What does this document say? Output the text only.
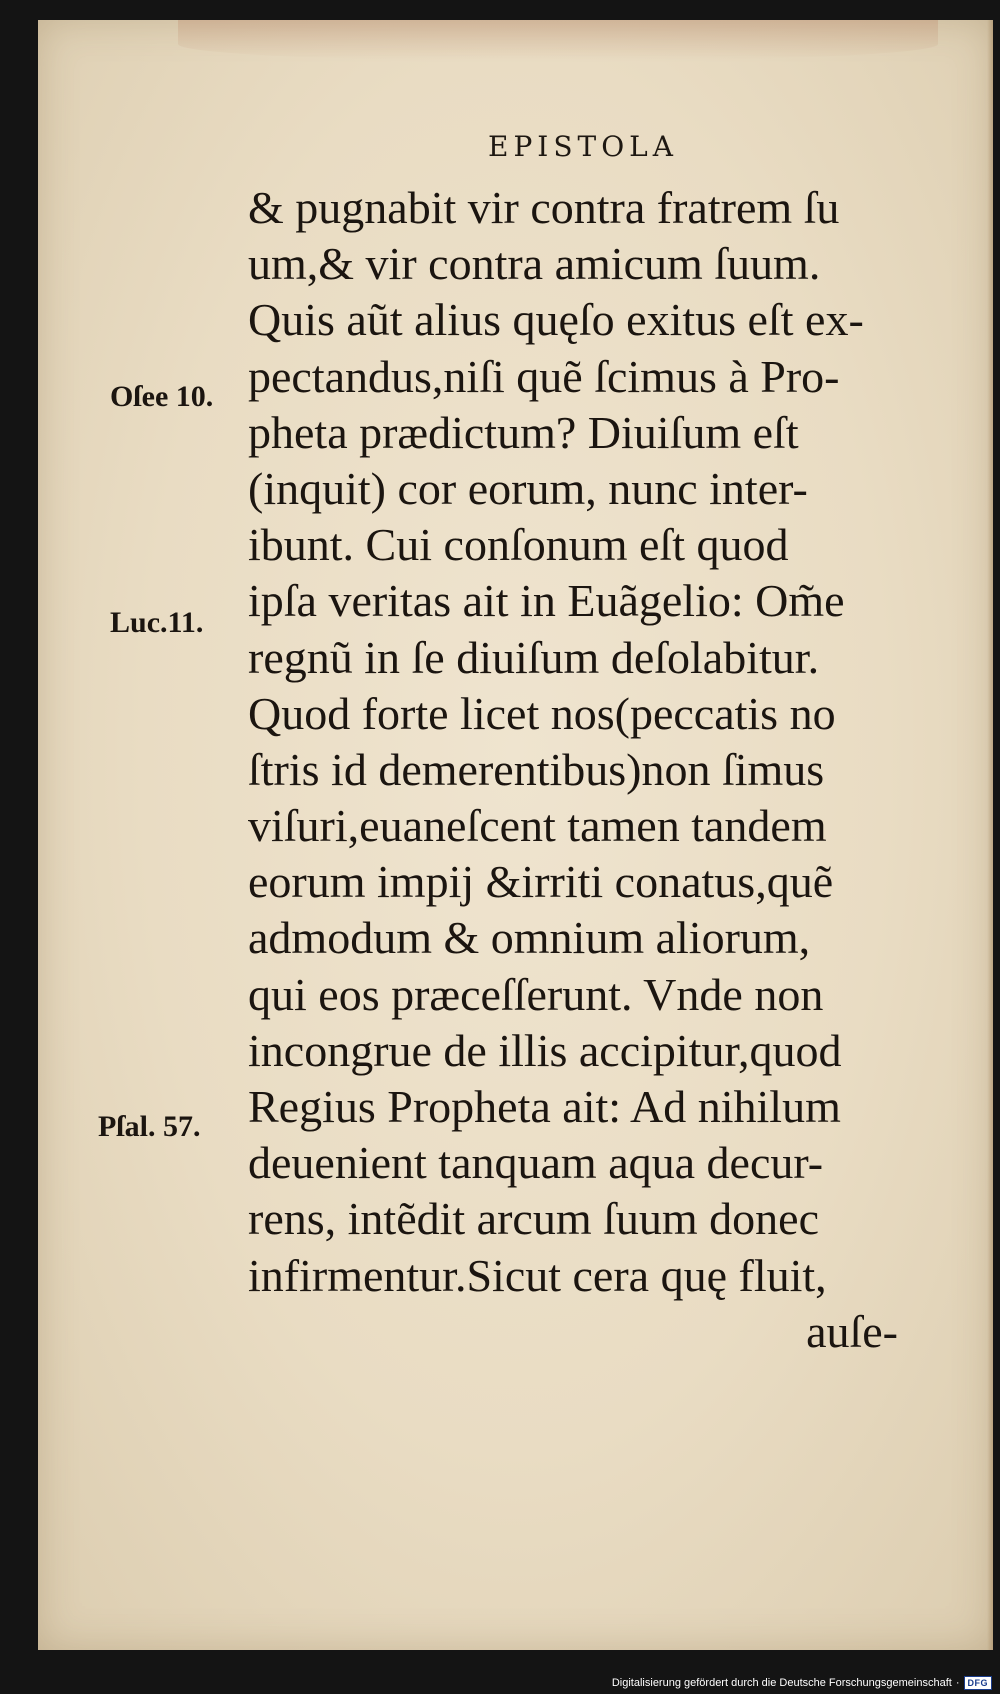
EPISTOLA
Oſee 10.
Luc.11.
Pſal. 57.
& pugnabit vir contra fratrem ſu
um,& vir contra amicum ſuum.
Quis aũt alius quęſo exitus eſt ex-
pectandus,niſi quẽ ſcimus à Pro-
pheta prædictum? Diuiſum eſt
(inquit) cor eorum, nunc inter-
ibunt. Cui conſonum eſt quod
ipſa veritas ait in Euãgelio: Om̃e
regnũ in ſe diuiſum deſolabitur.
Quod forte licet nos(peccatis no
ſtris id demerentibus)non ſimus
viſuri,euaneſcent tamen tandem
eorum impij &irriti conatus,quẽ
admodum & omnium aliorum,
qui eos præceſſerunt. Vnde non
incongrue de illis accipitur,quod
Regius Propheta ait: Ad nihilum
deuenient tanquam aqua decur-
rens, intẽdit arcum ſuum donec
infirmentur.Sicut cera quę fluit,
auſe-
Digitalisierung gefördert durch die Deutsche Forschungsgemeinschaft · DFG
